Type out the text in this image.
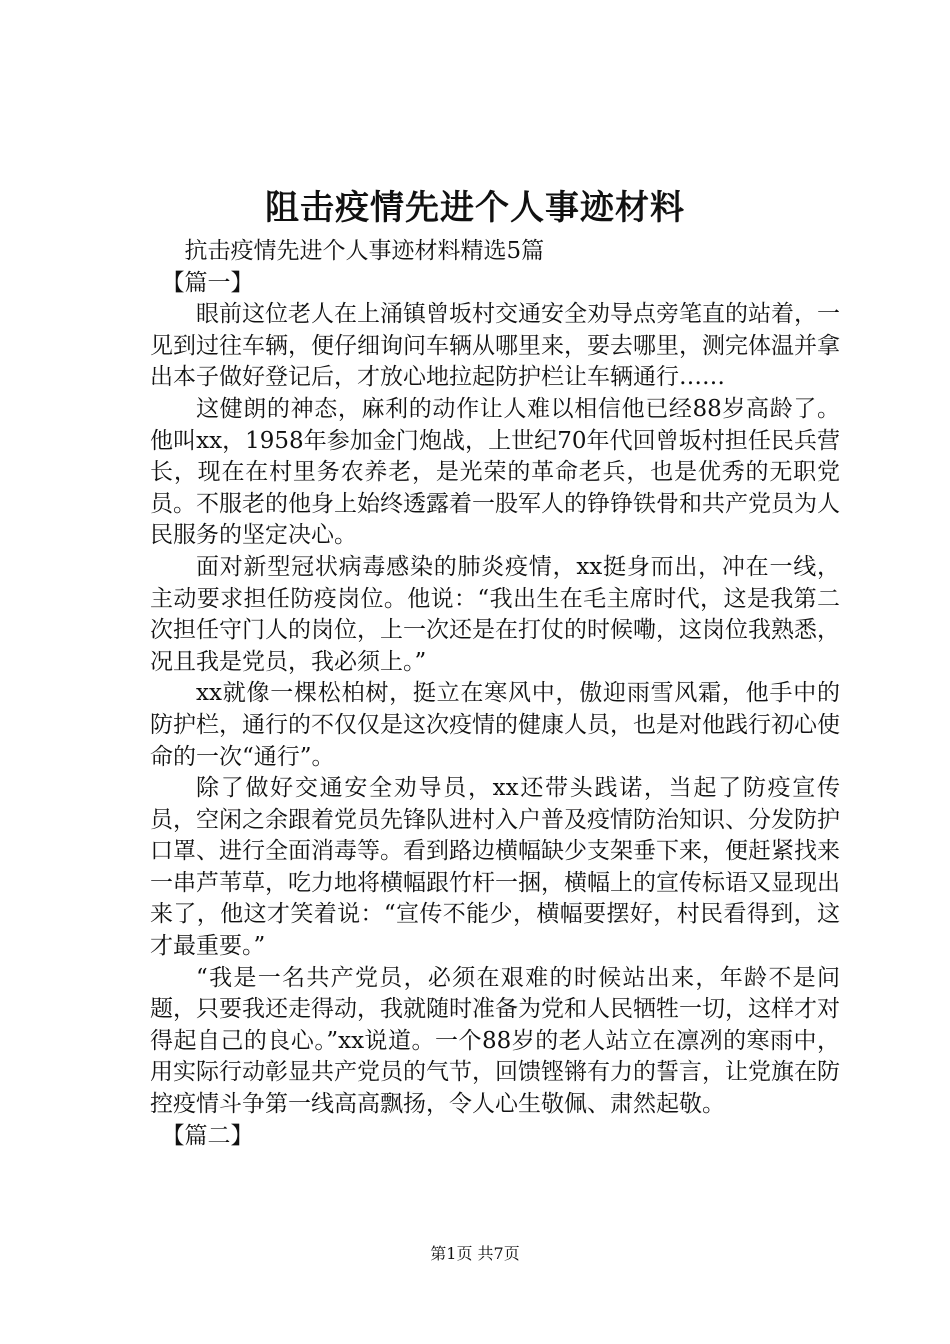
阻击疫情先进个人事迹材料

抗击疫情先进个人事迹材料精选5篇

【篇一】

眼前这位老人在上涌镇曾坂村交通安全劝导点旁笔直的站着，一见到过往车辆，便仔细询问车辆从哪里来，要去哪里，测完体温并拿出本子做好登记后，才放心地拉起防护栏让车辆通行……

这健朗的神态，麻利的动作让人难以相信他已经88岁高龄了。他叫xx，1958年参加金门炮战，上世纪70年代回曾坂村担任民兵营长，现在在村里务农养老，是光荣的革命老兵，也是优秀的无职党员。不服老的他身上始终透露着一股军人的铮铮铁骨和共产党员为人民服务的坚定决心。

面对新型冠状病毒感染的肺炎疫情，xx挺身而出，冲在一线，主动要求担任防疫岗位。他说：“我出生在毛主席时代，这是我第二次担任守门人的岗位，上一次还是在打仗的时候嘞，这岗位我熟悉，况且我是党员，我必须上。”

xx就像一棵松柏树，挺立在寒风中，傲迎雨雪风霜，他手中的防护栏，通行的不仅仅是这次疫情的健康人员，也是对他践行初心使命的一次“通行”。

除了做好交通安全劝导员，xx还带头践诺，当起了防疫宣传员，空闲之余跟着党员先锋队进村入户普及疫情防治知识、分发防护口罩、进行全面消毒等。看到路边横幅缺少支架垂下来，便赶紧找来一串芦苇草，吃力地将横幅跟竹杆一捆，横幅上的宣传标语又显现出来了，他这才笑着说：“宣传不能少，横幅要摆好，村民看得到，这才最重要。”

“我是一名共产党员，必须在艰难的时候站出来，年龄不是问题，只要我还走得动，我就随时准备为党和人民牺牲一切，这样才对得起自己的良心。”xx说道。一个88岁的老人站立在凛冽的寒雨中，用实际行动彰显共产党员的气节，回馈铿锵有力的誓言，让党旗在防控疫情斗争第一线高高飘扬，令人心生敬佩、肃然起敬。

【篇二】

第1页 共7页
